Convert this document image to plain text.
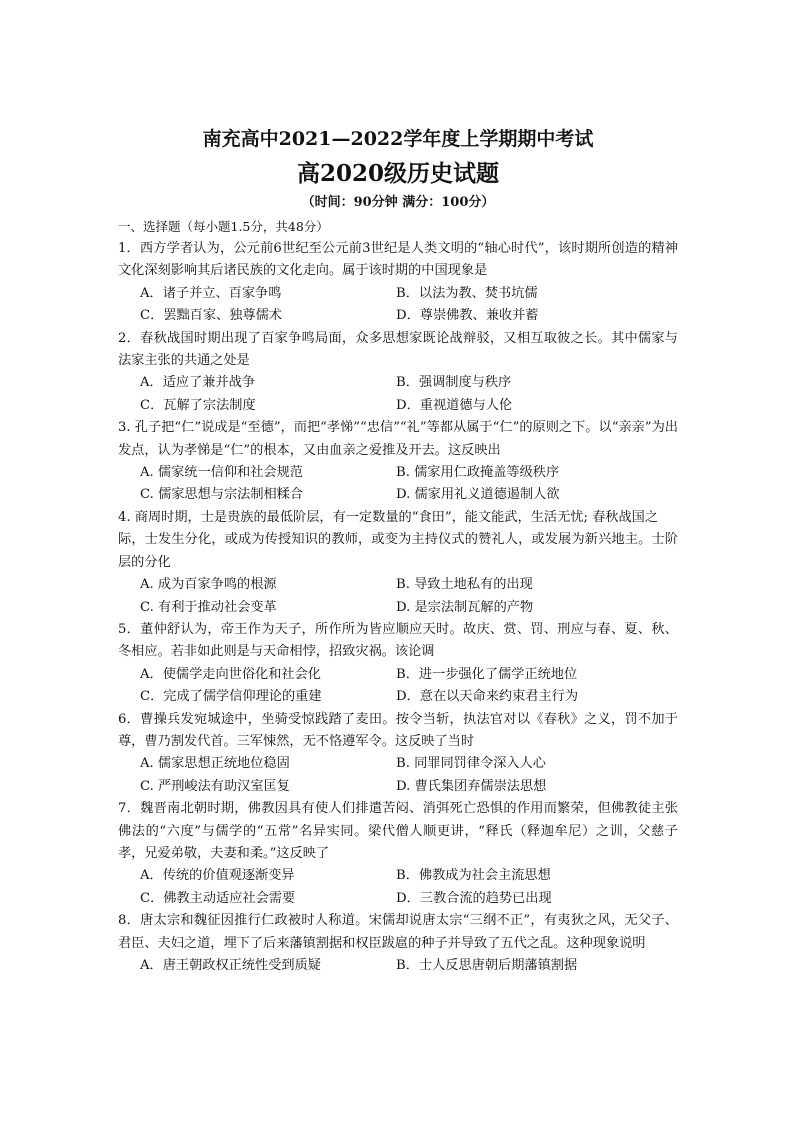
南充高中2021—2022学年度上学期期中考试
高2020级历史试题
（时间：90分钟 满分：100分）
一、选择题（每小题1.5分，共48分）
1．西方学者认为，公元前6世纪至公元前3世纪是人类文明的“轴心时代”，该时期所创造的精神文化深刻影响其后诸民族的文化走向。属于该时期的中国现象是
A．诸子并立、百家争鸣	B．以法为教、焚书坑儒
C．罢黜百家、独尊儒术	D．尊崇佛教、兼收并蓄
2．春秋战国时期出现了百家争鸣局面，众多思想家既论战辩驳，又相互取彼之长。其中儒家与法家主张的共通之处是
A．适应了兼并战争	B．强调制度与秩序
C．瓦解了宗法制度	D．重视道德与人伦
3. 孔子把“仁”说成是“至德”，而把“孝悌”“忠信”“礼”等都从属于“仁”的原则之下。以“亲亲”为出发点，认为孝悌是“仁”的根本，又由血亲之爱推及开去。这反映出
A. 儒家统一信仰和社会规范	B. 儒家用仁政掩盖等级秩序
C. 儒家思想与宗法制相糅合	D. 儒家用礼义道德遏制人欲
4. 商周时期，士是贵族的最低阶层，有一定数量的“食田”，能文能武，生活无忧; 春秋战国之
际，士发生分化，或成为传授知识的教师，或变为主持仪式的赞礼人，或发展为新兴地主。士阶层的分化
A. 成为百家争鸣的根源	B. 导致土地私有的出现
C. 有利于推动社会变革	D. 是宗法制瓦解的产物
5．董仲舒认为，帝王作为天子，所作所为皆应顺应天时。故庆、赏、罚、刑应与春、夏、秋、冬相应。若非如此则是与天命相悖，招致灾祸。该论调
A．使儒学走向世俗化和社会化	B．进一步强化了儒学正统地位
C．完成了儒学信仰理论的重建	D．意在以天命来约束君主行为
6．曹操兵发宛城途中，坐骑受惊践踏了麦田。按令当斩，执法官对以《春秋》之义，罚不加于尊，曹乃割发代首。三军悚然，无不恪遵军令。这反映了当时
A. 儒家思想正统地位稳固	B. 同罪同罚律令深入人心
C. 严刑峻法有助汉室匡复	D. 曹氏集团弃儒崇法思想
7．魏晋南北朝时期，佛教因具有使人们排遣苦闷、消弭死亡恐惧的作用而繁荣，但佛教徒主张佛法的“六度”与儒学的“五常”名异实同。梁代僧人顺更讲，“释氏（释迦牟尼）之训，父慈子孝，兄爱弟敬，夫妻和柔。”这反映了
A．传统的价值观逐渐变异	B．佛教成为社会主流思想
C．佛教主动适应社会需要	D．三教合流的趋势已出现
8．唐太宗和魏征因推行仁政被时人称道。宋儒却说唐太宗“三纲不正”，有夷狄之风，无父子、君臣、夫妇之道，埋下了后来藩镇割据和权臣跋扈的种子并导致了五代之乱。这种现象说明
A．唐王朝政权正统性受到质疑	B．士人反思唐朝后期藩镇割据
